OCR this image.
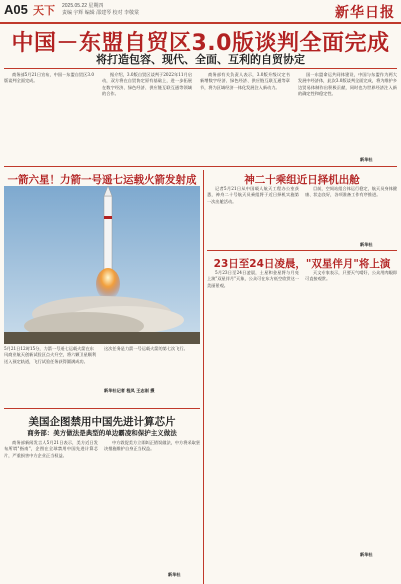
A05 天下 2025.05.22 星期四
责编 宇辉 编辑 邵建琴 校对 李敬棠	新华日报
中国－东盟自贸区3.0版谈判全面完成
将打造包容、现代、全面、互利的自贸协定

商务部5月21日宣布，中国－东盟自贸区3.0版谈判全面完成。

据介绍，3.0版自贸区谈判于2022年11月启动，双方将在自贸协定原有基础上，进一步拓展在数字经济、绿色经济、供应链互联互通等领域的合作。

商务部有关负责人表示，3.0版升级议定书新增数字经济、绿色经济、供应链互联互通等章节，将为区域经济一体化发展注入新动力。

国一东盟命运共同体建设，中国与东盟作为两大发展中经济体，此次3.0版谈判全面完成，将为维护多边贸易体制作出积极贡献，同时也为世界经济注入新的确定性和稳定性。

新华社
一箭六星！力箭一号遥七运载火箭发射成
5月21日12时15分，力箭一号遥七运载火箭在东风商业航天创新试验区点火升空，将六颗卫星顺利送入预定轨道，飞行试验任务获得圆满成功。
这次任务是力箭一号运载火箭的第七次飞行。
新华社记者 程凤 王志刚 摄
神二十乘组近日择机出舱

记者5月21日从中国载人航天工程办公室获悉，神舟二十号航天员乘组将于近日择机实施第一次出舱活动。

目前，空间站组合体运行稳定，航天员身体健康、状态良好，各项准备工作有序推进。

新华社
23日至24日凌晨，"双星伴月"将上演

5月23日至24日凌晨，土星和金星将与月亮上演"双星伴月"天象，公众可在东方低空欣赏这一美丽景观。

天文专家表示，只要天气晴好，公众用肉眼即可直接观赏。

新华社
美国企图禁用中国先进计算芯片
商务部：美方做法是典型的单边霸凌和保护主义做法

商务部新闻发言人5月21日表示，美方近日发布所谓"指南"，企图在全球禁用中国先进计算芯片，严重损害中方企业正当权益。

中方敦促美方立即纠正错误做法，中方将采取坚决措施维护自身正当权益。

新华社
